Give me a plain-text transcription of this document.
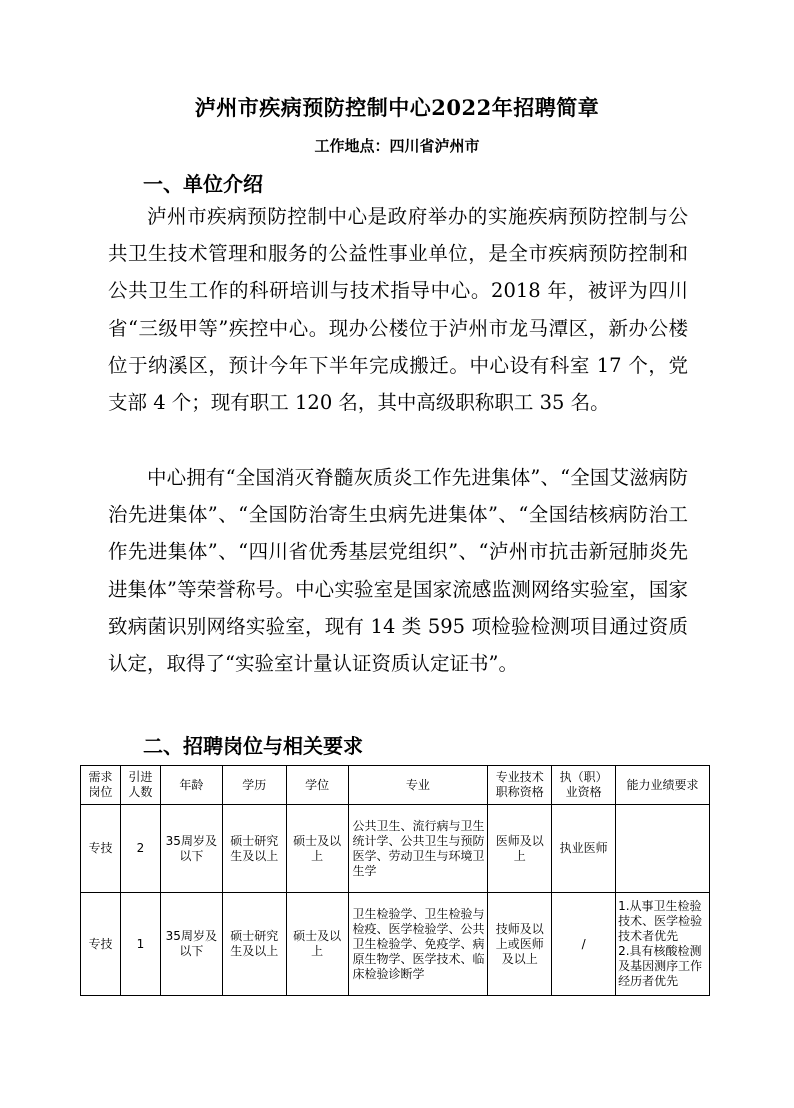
泸州市疾病预防控制中心2022年招聘简章
工作地点：四川省泸州市
一、单位介绍

泸州市疾病预防控制中心是政府举办的实施疾病预防控制与公共卫生技术管理和服务的公益性事业单位，是全市疾病预防控制和公共卫生工作的科研培训与技术指导中心。2018 年，被评为四川省“三级甲等”疾控中心。现办公楼位于泸州市龙马潭区，新办公楼位于纳溪区，预计今年下半年完成搬迁。中心设有科室 17 个，党支部 4 个；现有职工 120 名，其中高级职称职工 35 名。

中心拥有“全国消灭脊髓灰质炎工作先进集体”、“全国艾滋病防治先进集体”、“全国防治寄生虫病先进集体”、“全国结核病防治工作先进集体”、“四川省优秀基层党组织”、“泸州市抗击新冠肺炎先进集体”等荣誉称号。中心实验室是国家流感监测网络实验室，国家致病菌识别网络实验室，现有 14 类 595 项检验检测项目通过资质认定，取得了“实验室计量认证资质认定证书”。

二、招聘岗位与相关要求
需求岗位	引进人数	年龄	学历	学位	专业	专业技术职称资格	执（职）业资格	能力业绩要求
专技	2	35周岁及以下	硕士研究生及以上	硕士及以上	公共卫生、流行病与卫生统计学、公共卫生与预防医学、劳动卫生与环境卫生学	医师及以上	执业医师	

专技	1	35周岁及以下	硕士研究生及以上	硕士及以上	卫生检验学、卫生检验与检疫、医学检验学、公共卫生检验学、免疫学、病原生物学、医学技术、临床检验诊断学	技师及以上或医师及以上	/	1.从事卫生检验技术、医学检验技术者优先
2.具有核酸检测及基因测序工作经历者优先
